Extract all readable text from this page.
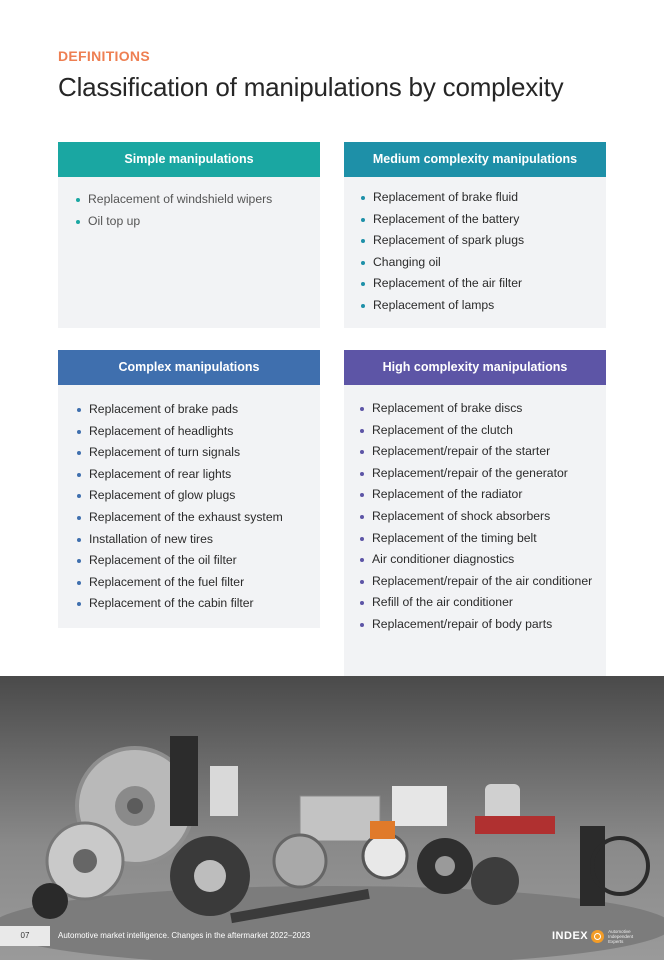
DEFINITIONS
Classification of manipulations by complexity
Simple manipulations
Replacement of windshield wipers
Oil top up
Medium complexity manipulations
Replacement of brake fluid
Replacement of the battery
Replacement of spark plugs
Changing oil
Replacement of the air filter
Replacement of lamps
Complex manipulations
Replacement of brake pads
Replacement of headlights
Replacement of turn signals
Replacement of rear lights
Replacement of glow plugs
Replacement of the exhaust system
Installation of new tires
Replacement of the oil filter
Replacement of the fuel filter
Replacement of the cabin filter
High complexity manipulations
Replacement of brake discs
Replacement of the clutch
Replacement/repair of the starter
Replacement/repair of the generator
Replacement of the radiator
Replacement of shock absorbers
Replacement of the timing belt
Air conditioner diagnostics
Replacement/repair of the air conditioner
Refill of the air conditioner
Replacement/repair of body parts
07	Automotive market intelligence. Changes in the aftermarket 2022–2023	INDEX	Automotive Independent Experts
